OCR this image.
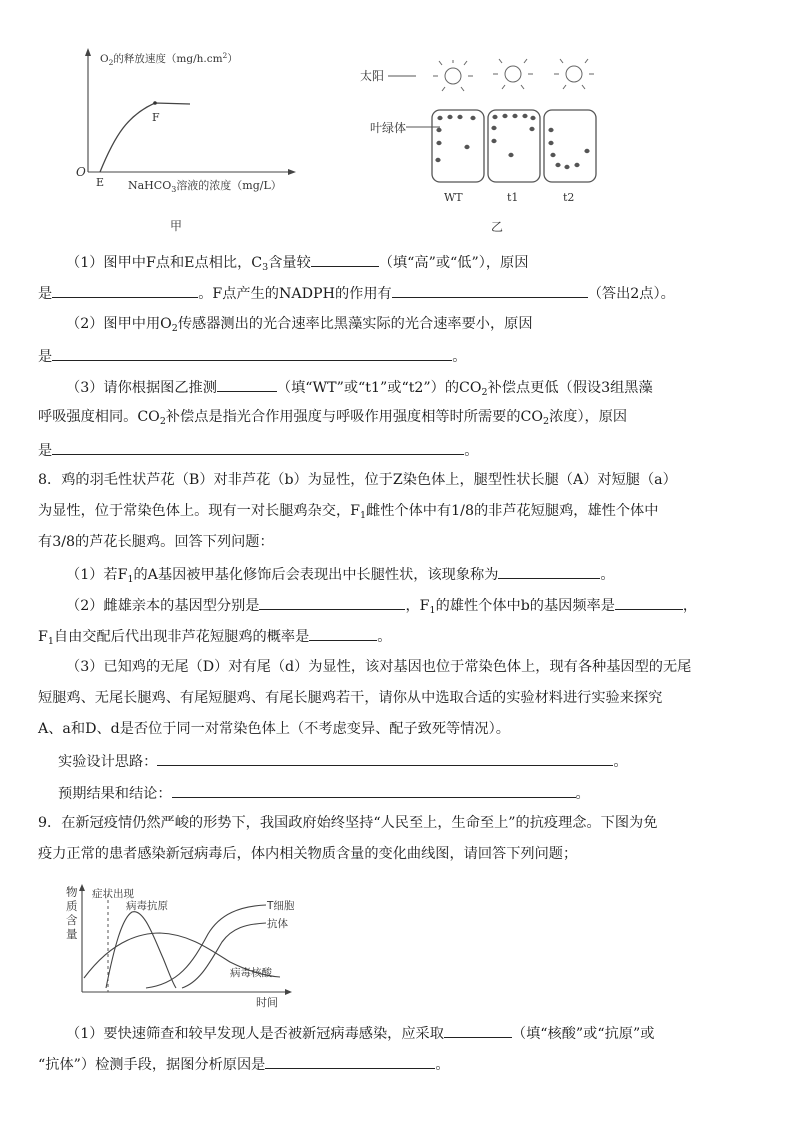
$O_2$的释放速度$(mg/h.cm^2)$
O
E
F
NaHCO$_3$溶液的浓度（mg/L）
甲
太阳
叶绿体
WT	t1	t2
乙
（1）图甲中F点和E点相比，$C_3$含量较	（填“高”或“低”），原因
是	。F点产生的NADPH的作用有	（答出2点）。
（2）图甲中用$O_2$传感器测出的光合速率比黑藻实际的光合速率要小，原因
是	。
（3）请你根据图乙推测	（填“WT”或“t1”或“t2”）的$CO_2$补偿点更低（假设3组黑藻
呼吸强度相同。$CO_2$补偿点是指光合作用强度与呼吸作用强度相等时所需要的$CO_2$浓度），原因
是	。
8．鸡的羽毛性状芦花（B）对非芦花（b）为显性，位于Z染色体上，腿型性状长腿（A）对短腿（a）
为显性，位于常染色体上。现有一对长腿鸡杂交，$F_1$雌性个体中有1/8的非芦花短腿鸡，雄性个体中
有3/8的芦花长腿鸡。回答下列问题：
（1）若$F_1$的A基因被甲基化修饰后会表现出中长腿性状，该现象称为	。
（2）雌雄亲本的基因型分别是	，$F_1$的雄性个体中b的基因频率是	，
$F_1$自由交配后代出现非芦花短腿鸡的概率是	。
（3）已知鸡的无尾（D）对有尾（d）为显性，该对基因也位于常染色体上，现有各种基因型的无尾
短腿鸡、无尾长腿鸡、有尾短腿鸡、有尾长腿鸡若干，请你从中选取合适的实验材料进行实验来探究
A、a和D、d是否位于同一对常染色体上（不考虑变异、配子致死等情况）。
实验设计思路：	。
预期结果和结论：	。
9．在新冠疫情仍然严峻的形势下，我国政府始终坚持“人民至上，生命至上”的抗疫理念。下图为免
疫力正常的患者感染新冠病毒后，体内相关物质含量的变化曲线图，请回答下列问题；
物 质 含 量
症状出现
病毒抗原	T细胞
抗体
病毒核酸
时间
（1）要快速筛查和较早发现人是否被新冠病毒感染，应采取	（填“核酸”或“抗原”或
“抗体”）检测手段，据图分析原因是	。
